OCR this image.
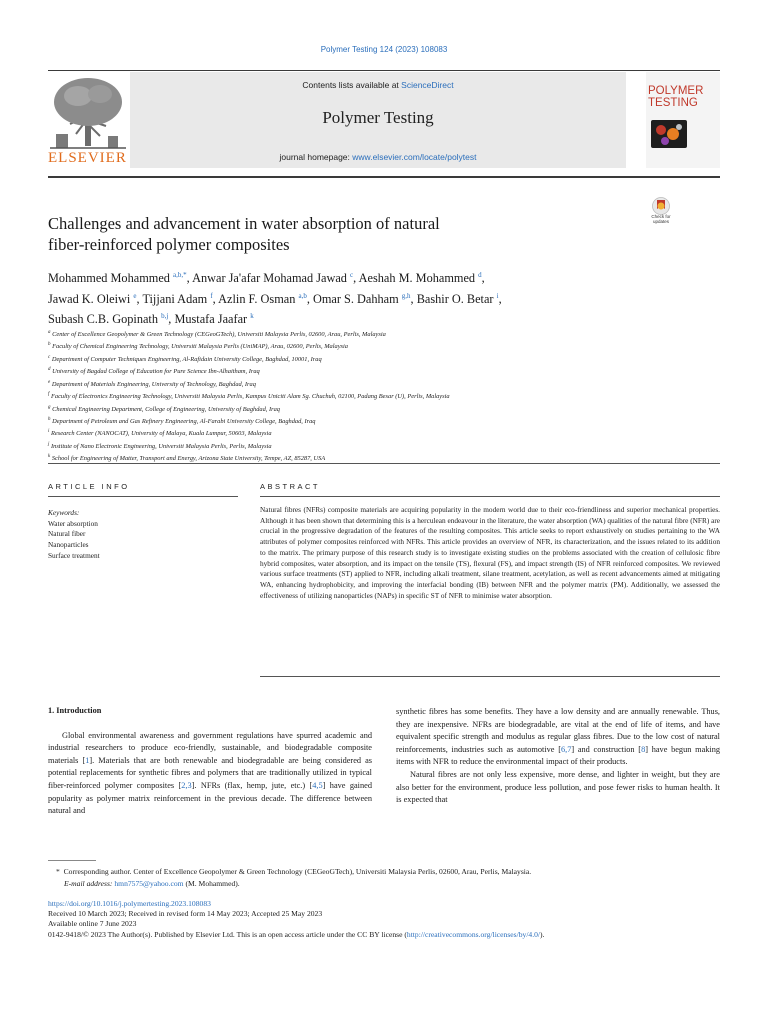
Polymer Testing 124 (2023) 108083
ELSEVIER
Contents lists available at ScienceDirect
Polymer Testing
journal homepage: www.elsevier.com/locate/polytest
POLYMER
TESTING
Check for
updates
Challenges and advancement in water absorption of natural
fiber-reinforced polymer composites
Mohammed Mohammed $^{a,b,*}$, Anwar Ja'afar Mohamad Jawad $^c$, Aeshah M. Mohammed $^d$,
Jawad K. Oleiwi $^e$, Tijjani Adam $^f$, Azlin F. Osman $^{a,b}$, Omar S. Dahham $^{g,h}$, Bashir O. Betar $^i$,
Subash C.B. Gopinath $^{b,j}$, Mustafa Jaafar $^k$
$^a$ Center of Excellence Geopolymer & Green Technology (CEGeoGTech), Universiti Malaysia Perlis, 02600, Arau, Perlis, Malaysia
$^b$ Faculty of Chemical Engineering Technology, Universiti Malaysia Perlis (UniMAP), Arau, 02600, Perlis, Malaysia
$^c$ Department of Computer Techniques Engineering, Al-Rafidain University College, Baghdad, 10001, Iraq
$^d$ University of Bagdad College of Education for Pure Science Ibn-Alhaitham, Iraq
$^e$ Department of Materials Engineering, University of Technology, Baghdad, Iraq
$^f$ Faculty of Electronics Engineering Technology, Universiti Malaysia Perlis, Kampus Uniciti Alam Sg. Chuchuh, 02100, Padang Besar (U), Perlis, Malaysia
$^g$ Chemical Engineering Department, College of Engineering, University of Baghdad, Iraq
$^h$ Department of Petroleum and Gas Refinery Engineering, Al-Farabi University College, Baghdad, Iraq
$^i$ Research Center (NANOCAT), University of Malaya, Kuala Lumpur, 50603, Malaysia
$^j$ Institute of Nano Electronic Engineering, Universiti Malaysia Perlis, Perlis, Malaysia
$^k$ School for Engineering of Matter, Transport and Energy, Arizona State University, Tempe, AZ, 85287, USA
ARTICLE INFO	ABSTRACT
Keywords:
Water absorption
Natural fiber
Nanoparticles
Surface treatment
Natural fibres (NFRs) composite materials are acquiring popularity in the modern world due to their eco-friendliness and superior mechanical properties. Although it has been shown that determining this is a herculean endeavour in the literature, the water absorption (WA) qualities of the natural fibre (NFR) are crucial in the progressive degradation of the features of the resulting composites. This article seeks to report exhaustively on studies pertaining to the WA attributes of polymer composites reinforced with NFRs. This article provides an overview of NFR, its characterization, and the issues related to its addition to the matrix. The primary purpose of this research study is to investigate existing studies on the problems associated with the creation of cellulosic fibre hybrid composites, water absorption, and its impact on the tensile (TS), flexural (FS), and impact strength (IS) of NFR reinforced composites. We reviewed various surface treatments (ST) applied to NFR, including alkali treatment, silane treatment, acetylation, as well as recent advancements aimed at mitigating WA, enhancing hydrophobicity, and improving the interfacial bonding (IB) between NFR and the polymer matrix (PM). Additionally, we assessed the effectiveness of utilizing nanoparticles (NAPs) in specific ST of NFR to minimise water absorption.
1. Introduction

Global environmental awareness and government regulations have spurred academic and industrial researchers to produce eco-friendly, sustainable, and biodegradable composite materials [1]. Materials that are both renewable and biodegradable are being considered as potential replacements for synthetic fibres and polymers that are traditionally utilized in typical fiber-reinforced polymer composites [2,3]. NFRs (flax, hemp, jute, etc.) [4,5] have gained popularity as polymer matrix reinforcement in the previous decade. The difference between natural and

synthetic fibres has some benefits. They have a low density and are annually renewable. Thus, they are inexpensive. NFRs are biodegradable, are vital at the end of life of items, and have equivalent specific strength and modulus as regular glass fibres. Due to the low cost of natural reinforcements, industries such as automotive [6,7] and construction [8] have begun making items with NFR to reduce the environmental impact of their products.

Natural fibres are not only less expensive, more dense, and lighter in weight, but they are also better for the environment, produce less pollution, and pose fewer risks to human health. It is expected that

* Corresponding author. Center of Excellence Geopolymer & Green Technology (CEGeoGTech), Universiti Malaysia Perlis, 02600, Arau, Perlis, Malaysia.
E-mail address: hmn7575@yahoo.com (M. Mohammed).
https://doi.org/10.1016/j.polymertesting.2023.108083
Received 10 March 2023; Received in revised form 14 May 2023; Accepted 25 May 2023
Available online 7 June 2023
0142-9418/© 2023 The Author(s). Published by Elsevier Ltd. This is an open access article under the CC BY license (http://creativecommons.org/licenses/by/4.0/).
